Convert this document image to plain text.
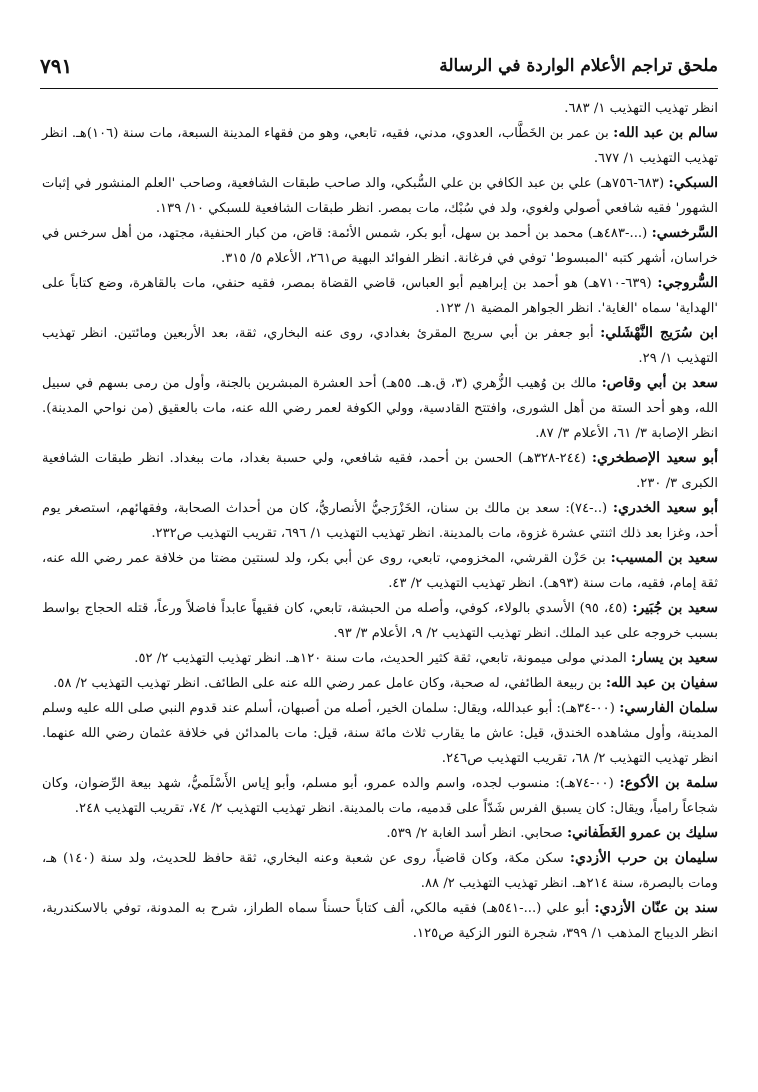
ملحق تراجم الأعلام الواردة في الرسالة
٧٩١

انظر تهذيب التهذيب ١/ ٦٨٣.

سالم بن عبد الله: بن عمر بن الخَطَّاب، العدوي، مدني، فقيه، تابعي، وهو من فقهاء المدينة السبعة، مات سنة (١٠٦)هـ. انظر تهذيب التهذيب ١/ ٦٧٧.

السبكي: (٦٨٣-٧٥٦هـ) علي بن عبد الكافي بن علي السُّبكي، والد صاحب طبقات الشافعية، وصاحب 'العلم المنشور في إثبات الشهور' فقيه شافعي أصولي ولغوي، ولد في سُبْك، مات بمصر. انظر طبقات الشافعية للسبكي ١٠/ ١٣٩.

السَّرخسي: (...-٤٨٣هـ) محمد بن أحمد بن سهل، أبو بكر، شمس الأئمة: قاض، من كبار الحنفية، مجتهد، من أهل سرخس في خراسان، أشهر كتبه 'المبسوط' توفي في فرغانة. انظر الفوائد البهية ص٢٦١، الأعلام ٥/ ٣١٥.

السُّروجي: (٦٣٩-٧١٠هـ) هو أحمد بن إبراهيم أبو العباس، قاضي القضاة بمصر، فقيه حنفي، مات بالقاهرة، وضع كتاباً على 'الهداية' سماه 'الغاية'. انظر الجواهر المضية ١/ ١٢٣.

ابن سُرَيج النَّهْشَلي: أبو جعفر بن أبي سريج المقرئ بغدادي، روى عنه البخاري، ثقة، بعد الأربعين ومائتين. انظر تهذيب التهذيب ١/ ٢٩.

سعد بن أبي وقاص: مالك بن وُهيب الزُّهري (٣، ق.هـ. ٥٥هـ) أحد العشرة المبشرين بالجنة، وأول من رمى بسهم في سبيل الله، وهو أحد الستة من أهل الشورى، وافتتح القادسية، وولي الكوفة لعمر رضي الله عنه، مات بالعقيق (من نواحي المدينة). انظر الإصابة ٣/ ٦١، الأعلام ٣/ ٨٧.

أبو سعيد الإصطخري: (٢٤٤-٣٢٨هـ) الحسن بن أحمد، فقيه شافعي، ولي حسبة بغداد، مات ببغداد. انظر طبقات الشافعية الكبرى ٣/ ٢٣٠.

أبو سعيد الخدري: (..-٧٤): سعد بن مالك بن سنان، الخَزْرَجيُّ الأنصاريُّ، كان من أحداث الصحابة، وفقهائهم، استصغر يوم أحد، وغزا بعد ذلك اثنتي عشرة غزوة، مات بالمدينة. انظر تهذيب التهذيب ١/ ٦٩٦، تقريب التهذيب ص٢٣٢.

سعيد بن المسيب: بن حَزْن القرشي، المخزومي، تابعي، روى عن أبي بكر، ولد لسنتين مضتا من خلافة عمر رضي الله عنه، ثقة إمام، فقيه، مات سنة (٩٣هـ). انظر تهذيب التهذيب ٢/ ٤٣.

سعيد بن جُبَير: (٤٥، ٩٥) الأسدي بالولاء، كوفي، وأصله من الحبشة، تابعي، كان فقيهاً عابداً فاضلاً ورعاً، قتله الحجاج بواسط بسبب خروجه على عبد الملك. انظر تهذيب التهذيب ٢/ ٩، الأعلام ٣/ ٩٣.

سعيد بن يسار: المدني مولى ميمونة، تابعي، ثقة كثير الحديث، مات سنة ١٢٠هـ. انظر تهذيب التهذيب ٢/ ٥٢.

سفيان بن عبد الله: بن ربيعة الطائفي، له صحبة، وكان عامل عمر رضي الله عنه على الطائف. انظر تهذيب التهذيب ٢/ ٥٨.

سلمان الفارسي: (٠٠-٣٤هـ): أبو عبدالله، ويقال: سلمان الخير، أصله من أصبهان، أسلم عند قدوم النبي صلى الله عليه وسلم المدينة، وأول مشاهده الخندق، قيل: عاش ما يقارب ثلاث مائة سنة، قيل: مات بالمدائن في خلافة عثمان رضي الله عنهما. انظر تهذيب التهذيب ٢/ ٦٨، تقريب التهذيب ص٢٤٦.

سلمة بن الأكوع: (٠٠-٧٤هـ): منسوب لجده، واسم والده عمرو، أبو مسلم، وأبو إياس الأَسْلَميُّ، شهد بيعة الرِّضوان، وكان شجاعاً رامياً، ويقال: كان يسبق الفرس شَدّاً على قدميه، مات بالمدينة. انظر تهذيب التهذيب ٢/ ٧٤، تقريب التهذيب ٢٤٨.

سليك بن عمرو الغَطَفاني: صحابي. انظر أسد الغابة ٢/ ٥٣٩.

سليمان بن حرب الأزدي: سكن مكة، وكان قاضياً، روى عن شعبة وعنه البخاري، ثقة حافظ للحديث، ولد سنة (١٤٠) هـ، ومات بالبصرة، سنة ٢١٤هـ. انظر تهذيب التهذيب ٢/ ٨٨.

سند بن عنّان الأزدي: أبو علي (...-٥٤١هـ) فقيه مالكي، ألف كتاباً حسناً سماه الطراز، شرح به المدونة، توفي بالاسكندرية، انظر الديباج المذهب ١/ ٣٩٩، شجرة النور الزكية ص١٢٥.
